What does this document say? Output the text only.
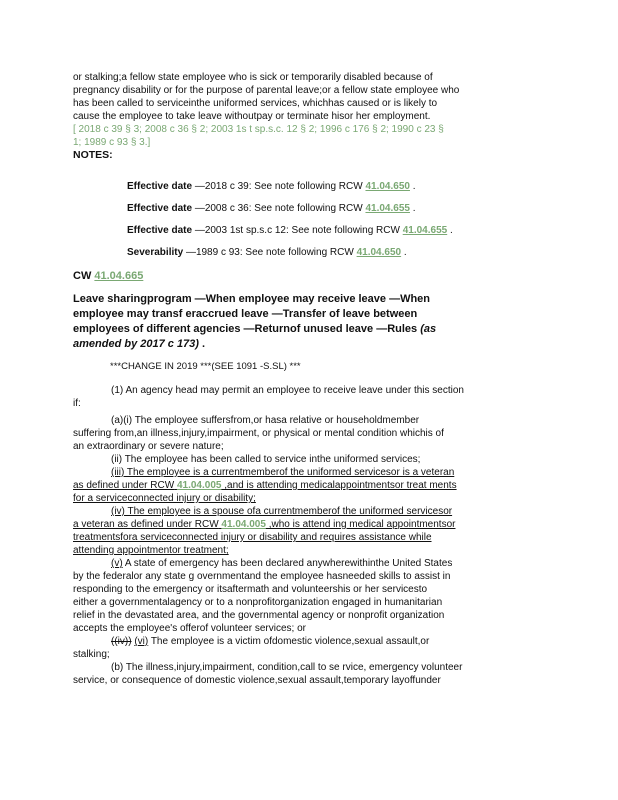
or stalking;a fellow state employee who is sick or temporarily disabled because of
pregnancy disability or for the purpose of parental leave;or a fellow state employee who
has been called to serviceinthe uniformed services, whichhas caused or is likely to
cause the employee to take leave withoutpay or terminate hisor her employment.
[ 2018 c 39 § 3; 2008 c 36 § 2; 2003 1s t sp.s.c. 12 § 2; 1996 c 176 § 2; 1990 c 23 §
1; 1989 c 93 § 3.]
NOTES:
Effective date —2018 c 39: See note following RCW 41.04.650 .
Effective date —2008 c 36: See note following RCW 41.04.655 .
Effective date —2003 1st sp.s.c 12: See note following RCW 41.04.655 .
Severability —1989 c 93: See note following RCW 41.04.650 .
CW 41.04.665
Leave sharingprogram —When employee may receive leave —When
employee may transf eraccrued leave —Transfer of leave between
employees of different agencies —Returnof unused leave —Rules (as
amended by 2017 c 173) .
***CHANGE IN 2019 ***(SEE 1091 -S.SL) ***
(1) An agency head may permit an employee to receive leave under this section
if:
(a)(i) The employee suffersfrom,or hasa relative or householdmember
suffering from,an illness,injury,impairment, or physical or mental condition whichis of
an extraordinary or severe nature;
(ii) The employee has been called to service inthe uniformed services;
(iii) The employee is a currentmemberof the uniformed servicesor is a veteran
as defined under RCW 41.04.005 ,and is attending medicalappointmentsor treat ments
for a serviceconnected injury or disability;
(iv) The employee is a spouse ofa currentmemberof the uniformed servicesor
a veteran as defined under RCW 41.04.005 ,who is attend ing medical appointmentsor
treatmentsfora serviceconnected injury or disability and requires assistance while
attending appointmentor treatment;
(v) A state of emergency has been declared anywherewithinthe United States
by the federalor any state g overnmentand the employee hasneeded skills to assist in
responding to the emergency or itsaftermath and volunteershis or her servicesto
either a governmentalagency or to a nonprofitorganization engaged in humanitarian
relief in the devastated area, and the governmental agency or nonprofit organization
accepts the employee's offerof volunteer services; or
((iv)) (vi) The employee is a victim ofdomestic violence,sexual assault,or
stalking;
(b) The illness,injury,impairment, condition,call to se rvice, emergency volunteer
service, or consequence of domestic violence,sexual assault,temporary layoffunder
